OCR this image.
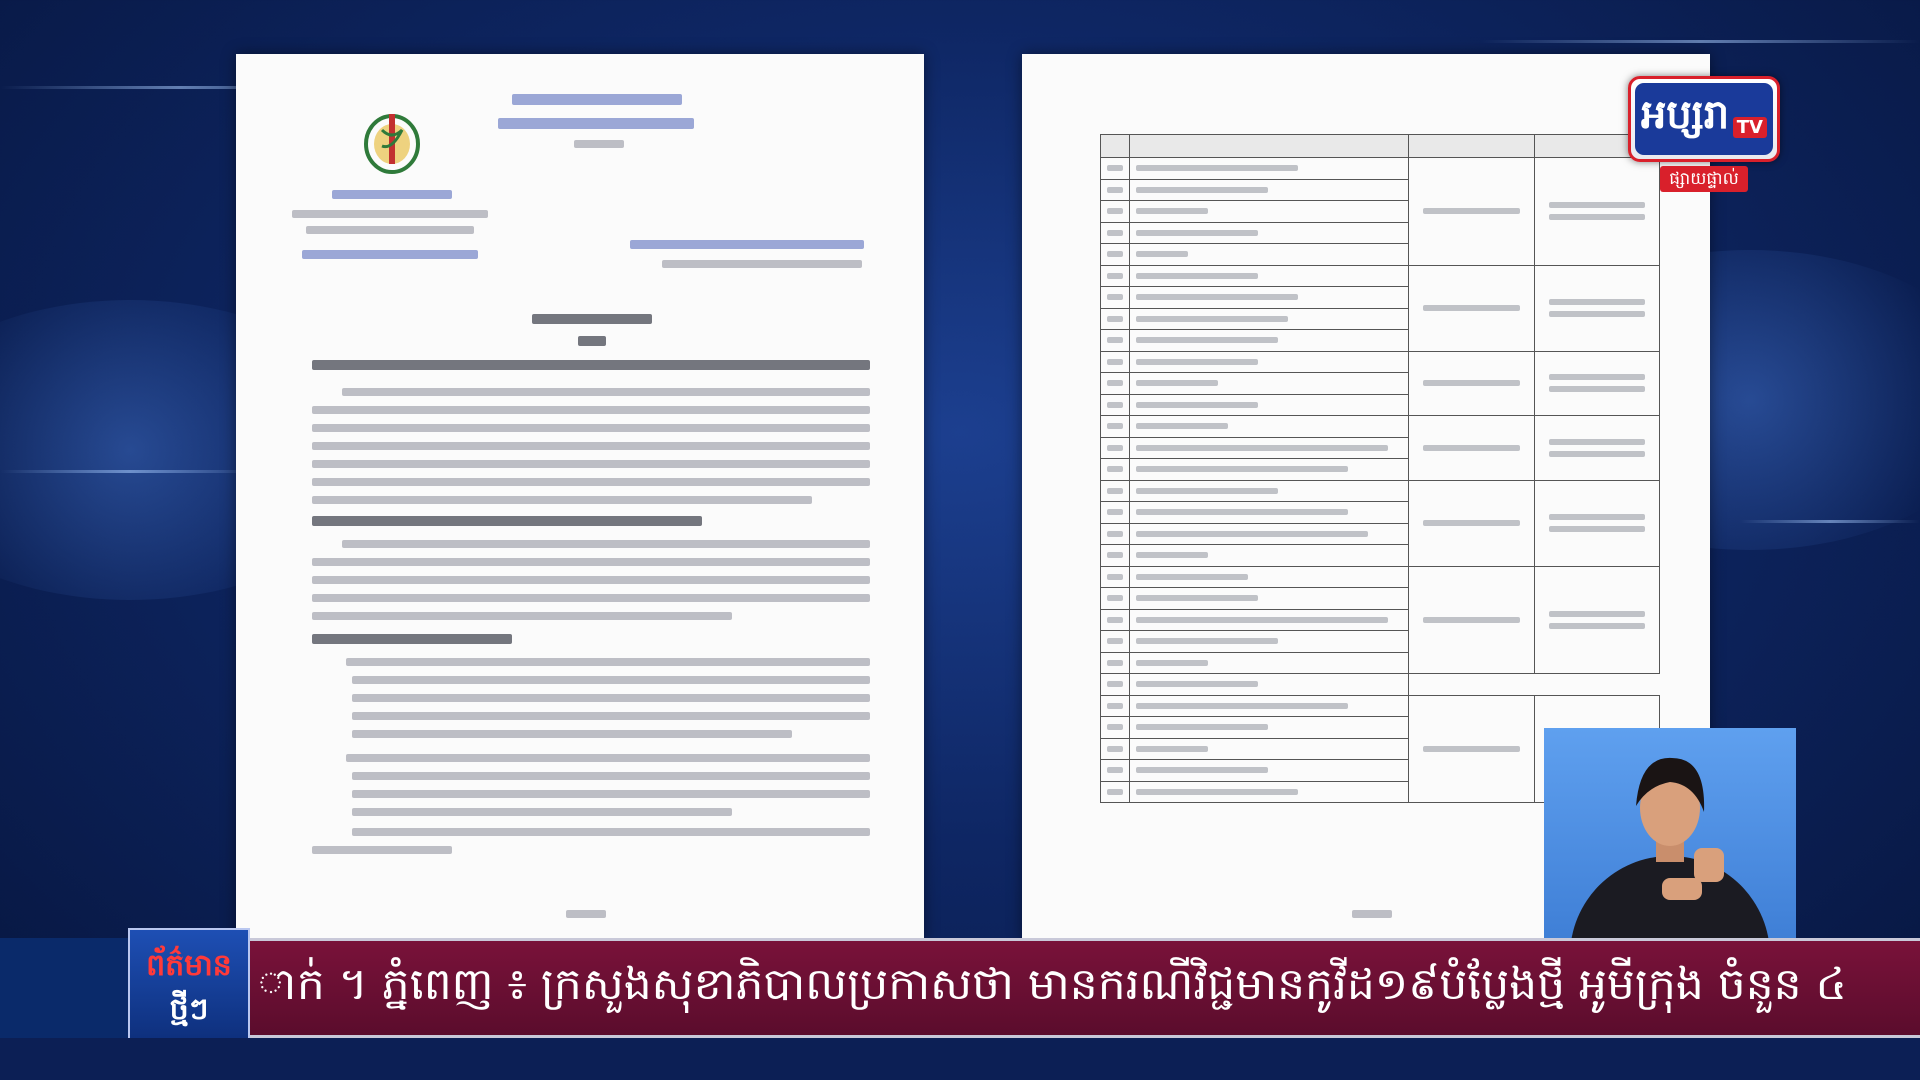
អប្សរា TV
ផ្សាយផ្ទាល់
ព័ត៌មាន
ថ្មីៗ	ាក់ ។ ភ្នំពេញ ៖ ក្រសួងសុខាភិបាលប្រកាសថា មានករណីវិជ្ជមានកូវីដ១៩បំប្លែងថ្មី អូមីក្រុង ចំនួន ៤
